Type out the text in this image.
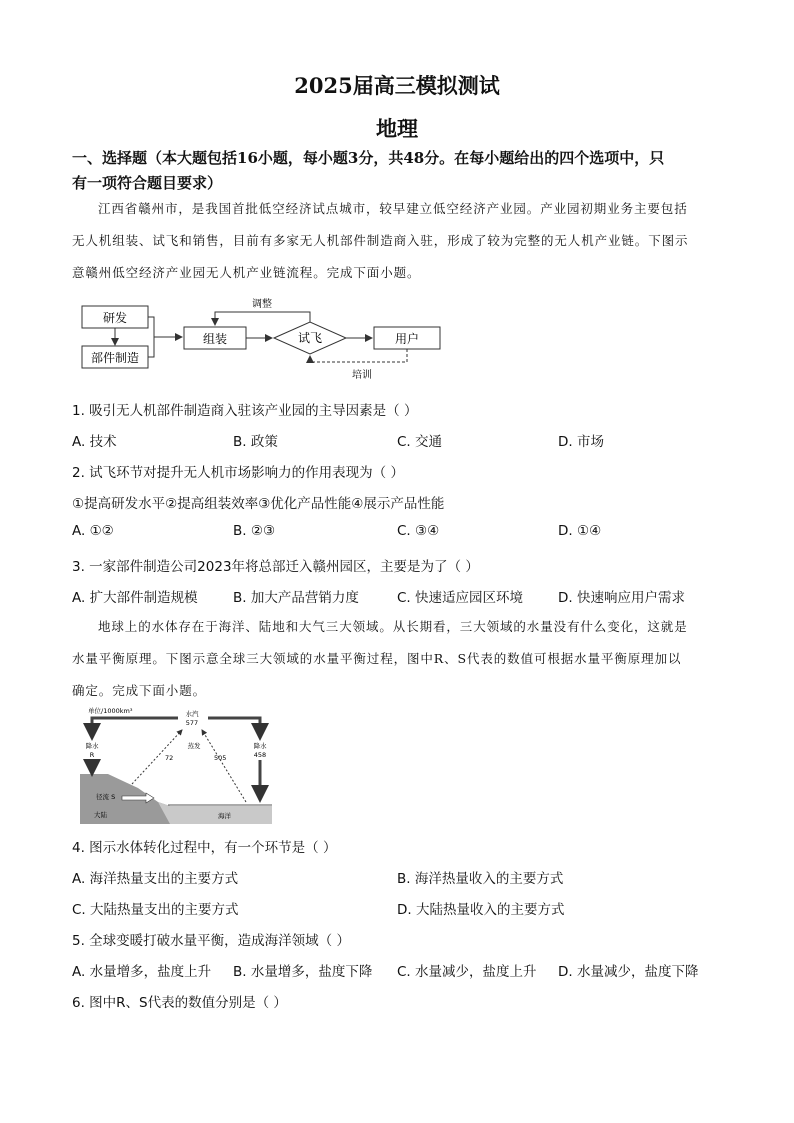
2025届高三模拟测试
地理
一、选择题（本大题包括16小题，每小题3分，共48分。在每小题给出的四个选项中，只
有一项符合题目要求）
江西省赣州市，是我国首批低空经济试点城市，较早建立低空经济产业园。产业园初期业务主要包括
无人机组装、试飞和销售，目前有多家无人机部件制造商入驻，形成了较为完整的无人机产业链。下图示
意赣州低空经济产业园无人机产业链流程。完成下面小题。
研发
部件制造
组装	试飞
调整
用户
培训
1. 吸引无人机部件制造商入驻该产业园的主导因素是（ ）
A. 技术	B. 政策	C. 交通	D. 市场
2. 试飞环节对提升无人机市场影响力的作用表现为（ ）
①提高研发水平②提高组装效率③优化产品性能④展示产品性能
A. ①②	B. ②③	C. ③④	D. ①④
3. 一家部件制造公司2023年将总部迁入赣州园区，主要是为了（ ）
A. 扩大部件制造规模	B. 加大产品营销力度	C. 快速适应园区环境	D. 快速响应用户需求
地球上的水体存在于海洋、陆地和大气三大领域。从长期看，三大领域的水量没有什么变化，这就是
水量平衡原理。下图示意全球三大领域的水量平衡过程，图中R、S代表的数值可根据水量平衡原理加以
确定。完成下面小题。
单位/1000km³	水汽
577
蒸发
降水
R
降水
458
72	505
径流 S
大陆	海洋
4. 图示水体转化过程中，有一个环节是（ ）
A. 海洋热量支出的主要方式	B. 海洋热量收入的主要方式
C. 大陆热量支出的主要方式	D. 大陆热量收入的主要方式
5. 全球变暖打破水量平衡，造成海洋领域（ ）
A. 水量增多，盐度上升 B. 水量增多，盐度下降 C. 水量减少，盐度上升 D. 水量减少，盐度下降
6. 图中R、S代表的数值分别是（ ）
